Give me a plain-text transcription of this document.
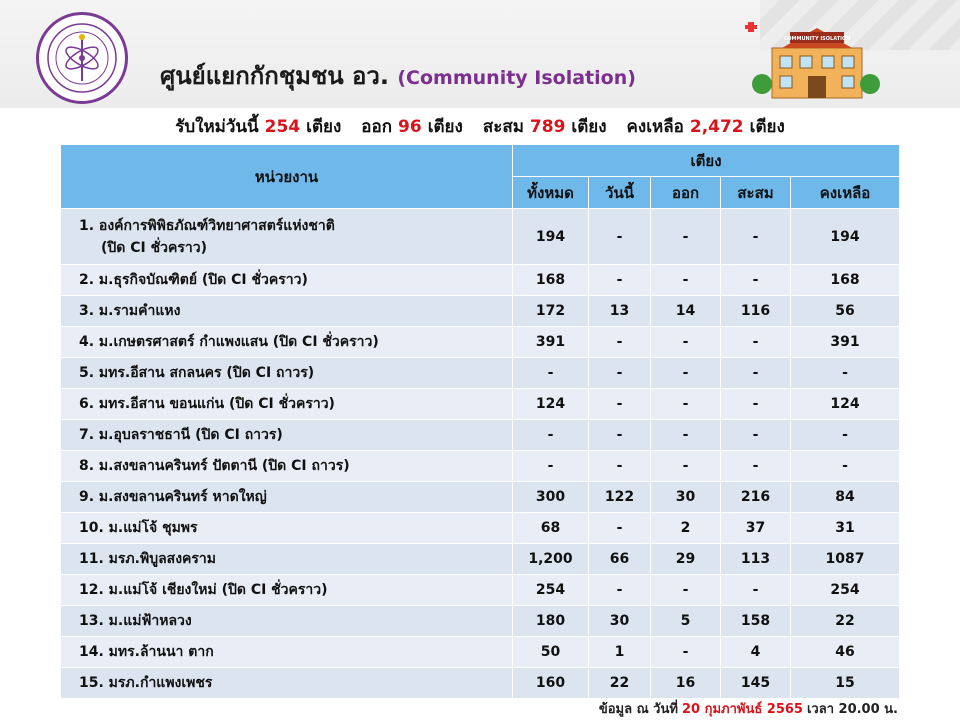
ศูนย์แยกกักชุมชน อว. (Community Isolation)
COMMUNITY ISOLATION
รับใหม่วันนี้ 254 เตียง ออก 96 เตียง สะสม 789 เตียง คงเหลือ 2,472 เตียง
หน่วยงาน	เตียง				
	ทั้งหมด	วันนี้	ออก	สะสม	คงเหลือ
1. องค์การพิพิธภัณฑ์วิทยาศาสตร์แห่งชาติ
(ปิด CI ชั่วคราว)	194	-	-	-	194
2. ม.ธุรกิจบัณฑิตย์ (ปิด CI ชั่วคราว)	168	-	-	-	168
3. ม.รามคำแหง	172	13	14	116	56
4. ม.เกษตรศาสตร์ กำแพงแสน (ปิด CI ชั่วคราว)	391	-	-	-	391
5. มทร.อีสาน สกลนคร (ปิด CI ถาวร)	-	-	-	-	-
6. มทร.อีสาน ขอนแก่น (ปิด CI ชั่วคราว)	124	-	-	-	124
7. ม.อุบลราชธานี (ปิด CI ถาวร)	-	-	-	-	-
8. ม.สงขลานครินทร์ ปัตตานี (ปิด CI ถาวร)	-	-	-	-	-
9. ม.สงขลานครินทร์ หาดใหญ่	300	122	30	216	84
10. ม.แม่โจ้ ชุมพร	68	-	2	37	31
11. มรภ.พิบูลสงคราม	1,200	66	29	113	1087
12. ม.แม่โจ้ เชียงใหม่ (ปิด CI ชั่วคราว)	254	-	-	-	254
13. ม.แม่ฟ้าหลวง	180	30	5	158	22
14. มทร.ล้านนา ตาก	50	1	-	4	46
15. มรภ.กำแพงเพชร	160	22	16	145	15
ข้อมูล ณ วันที่ 20 กุมภาพันธ์ 2565 เวลา 20.00 น.
